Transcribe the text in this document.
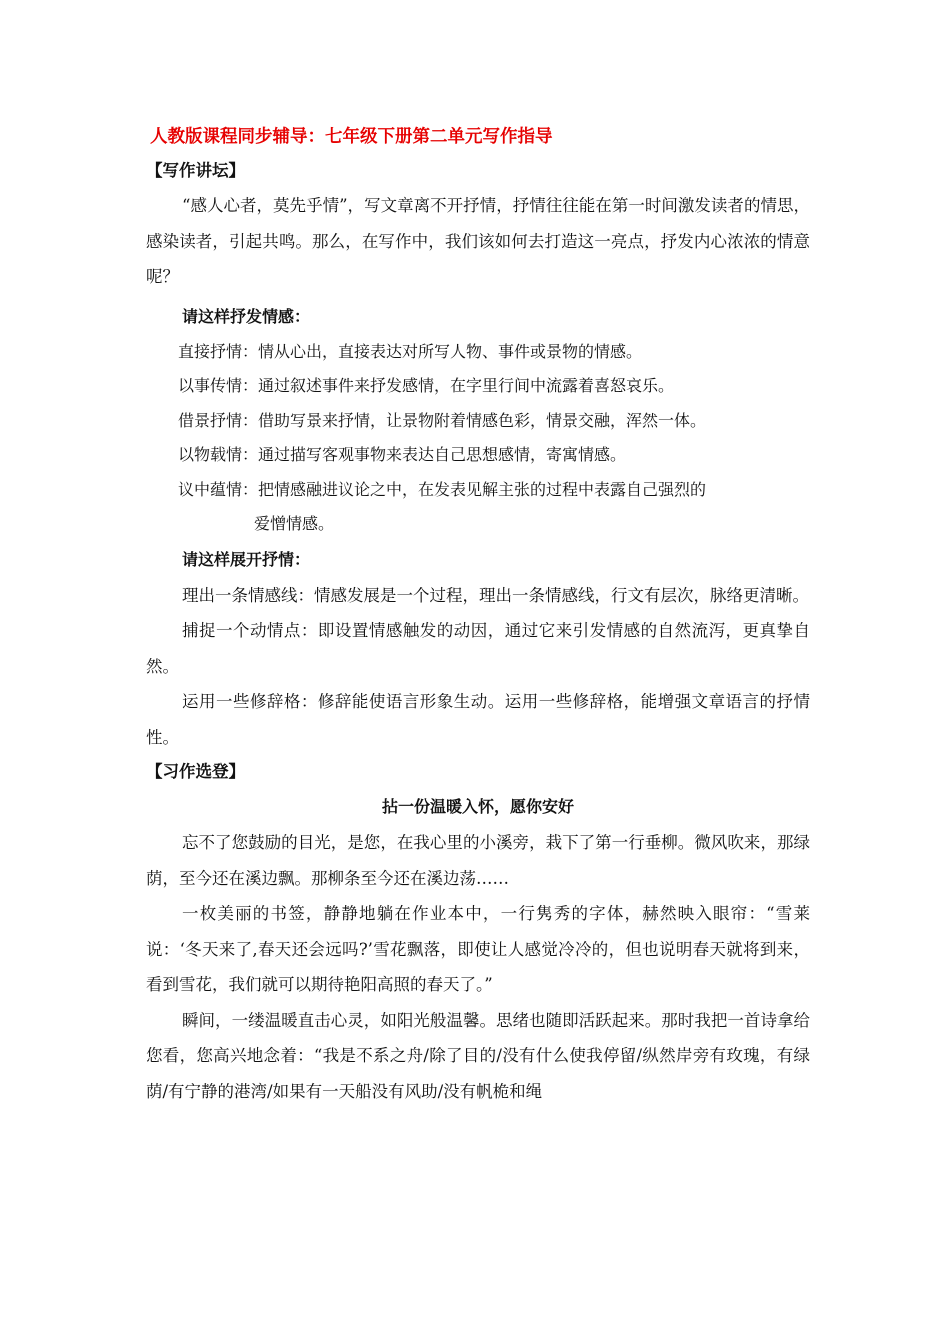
人教版课程同步辅导：七年级下册第二单元写作指导

【写作讲坛】

“感人心者，莫先乎情”，写文章离不开抒情，抒情往往能在第一时间激发读者的情思，感染读者，引起共鸣。那么，在写作中，我们该如何去打造这一亮点，抒发内心浓浓的情意呢？

请这样抒发情感：

直接抒情：情从心出，直接表达对所写人物、事件或景物的情感。

以事传情：通过叙述事件来抒发感情，在字里行间中流露着喜怒哀乐。

借景抒情：借助写景来抒情，让景物附着情感色彩，情景交融，浑然一体。

以物载情：通过描写客观事物来表达自己思想感情，寄寓情感。

议中蕴情：把情感融进议论之中，在发表见解主张的过程中表露自己强烈的
爱憎情感。

请这样展开抒情：

理出一条情感线：情感发展是一个过程，理出一条情感线，行文有层次，脉络更清晰。

捕捉一个动情点：即设置情感触发的动因，通过它来引发情感的自然流泻，更真挚自然。

运用一些修辞格：修辞能使语言形象生动。运用一些修辞格，能增强文章语言的抒情性。

【习作选登】

拈一份温暖入怀，愿你安好

忘不了您鼓励的目光，是您，在我心里的小溪旁，栽下了第一行垂柳。微风吹来，那绿荫，至今还在溪边飘。那柳条至今还在溪边荡……

一枚美丽的书签，静静地躺在作业本中，一行隽秀的字体，赫然映入眼帘：“雪莱说：‘冬天来了,春天还会远吗?’雪花飘落，即使让人感觉冷冷的，但也说明春天就将到来，看到雪花，我们就可以期待艳阳高照的春天了。”

瞬间，一缕温暖直击心灵，如阳光般温馨。思绪也随即活跃起来。那时我把一首诗拿给您看，您高兴地念着：“我是不系之舟/除了目的/没有什么使我停留/纵然岸旁有玫瑰，有绿荫/有宁静的港湾/如果有一天船没有风助/没有帆桅和绳
